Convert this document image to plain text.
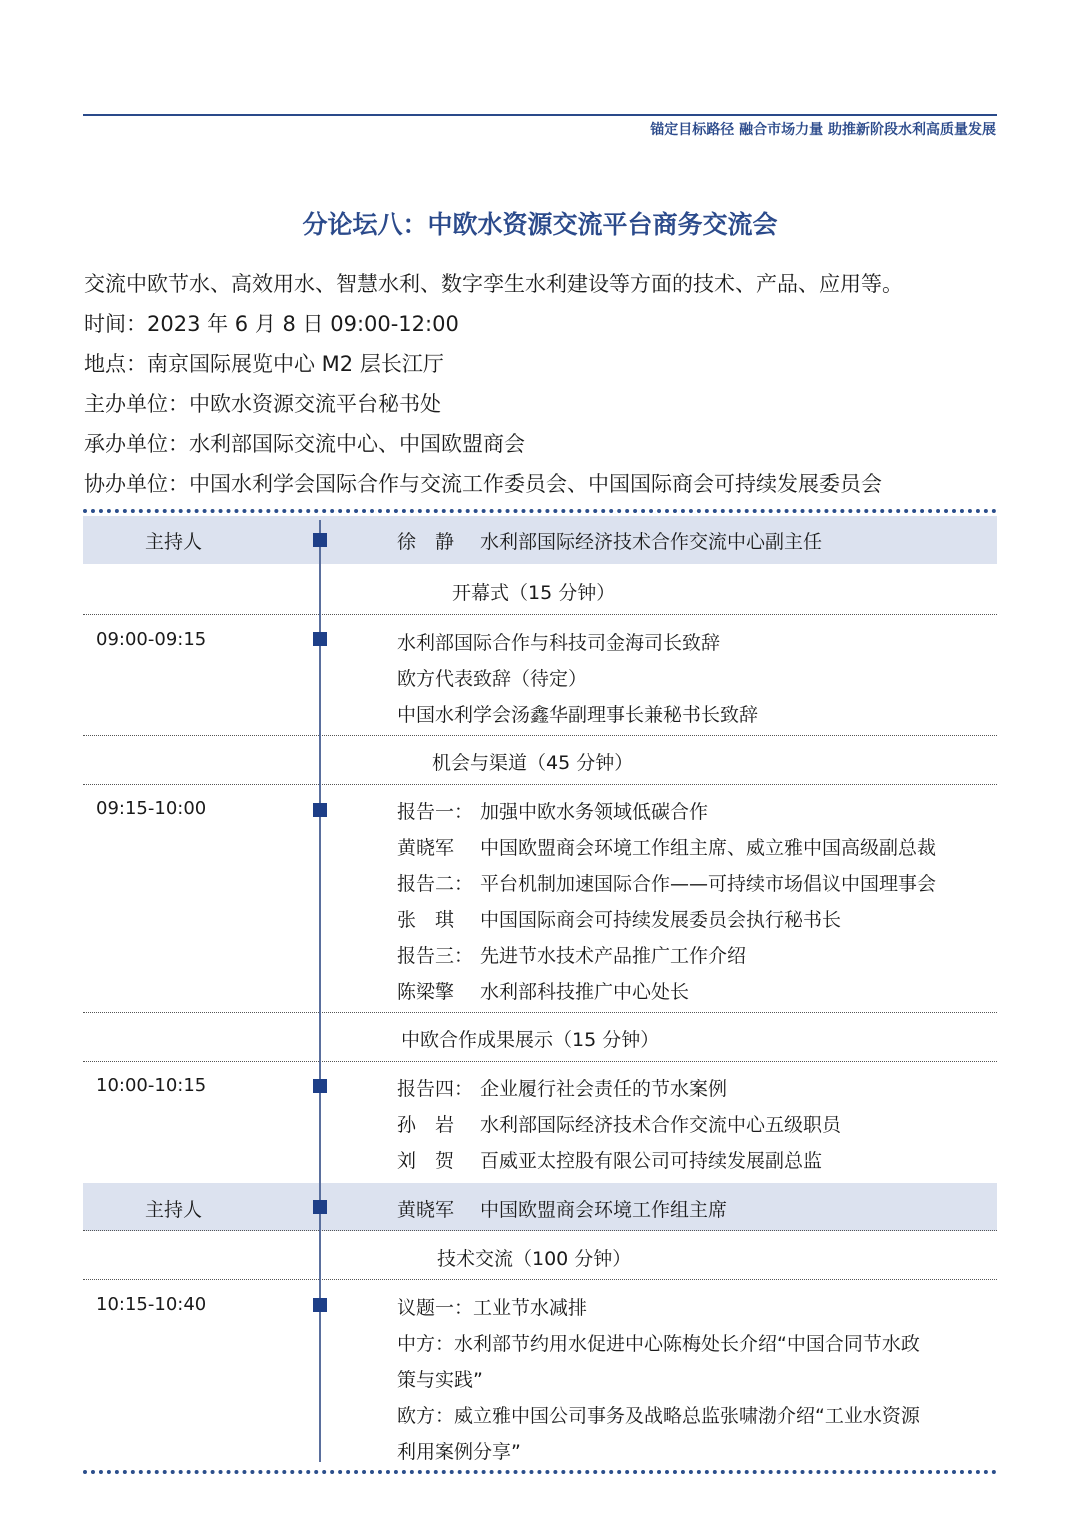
锚定目标路径 融合市场力量 助推新阶段水利高质量发展
分论坛八：中欧水资源交流平台商务交流会
交流中欧节水、高效用水、智慧水利、数字孪生水利建设等方面的技术、产品、应用等。
时间：2023 年 6 月 8 日 09:00-12:00
地点：南京国际展览中心 M2 层长江厅
主办单位：中欧水资源交流平台秘书处
承办单位：水利部国际交流中心、中国欧盟商会
协办单位：中国水利学会国际合作与交流工作委员会、中国国际商会可持续发展委员会
主持人	徐　静 水利部国际经济技术合作交流中心副主任
开幕式（15 分钟）
09:00-09:15	水利部国际合作与科技司金海司长致辞
欧方代表致辞（待定）
中国水利学会汤鑫华副理事长兼秘书长致辞
机会与渠道（45 分钟）
09:15-10:00	报告一： 加强中欧水务领域低碳合作
黄晓军 中国欧盟商会环境工作组主席、威立雅中国高级副总裁
报告二： 平台机制加速国际合作——可持续市场倡议中国理事会
张　琪 中国国际商会可持续发展委员会执行秘书长
报告三： 先进节水技术产品推广工作介绍
陈梁擎 水利部科技推广中心处长
中欧合作成果展示（15 分钟）
10:00-10:15	报告四： 企业履行社会责任的节水案例
孙　岩 水利部国际经济技术合作交流中心五级职员
刘　贺 百威亚太控股有限公司可持续发展副总监
主持人	黄晓军 中国欧盟商会环境工作组主席
技术交流（100 分钟）
10:15-10:40	议题一：工业节水减排
中方：水利部节约用水促进中心陈梅处长介绍“中国合同节水政
策与实践”
欧方：威立雅中国公司事务及战略总监张啸渤介绍“工业水资源
利用案例分享”
